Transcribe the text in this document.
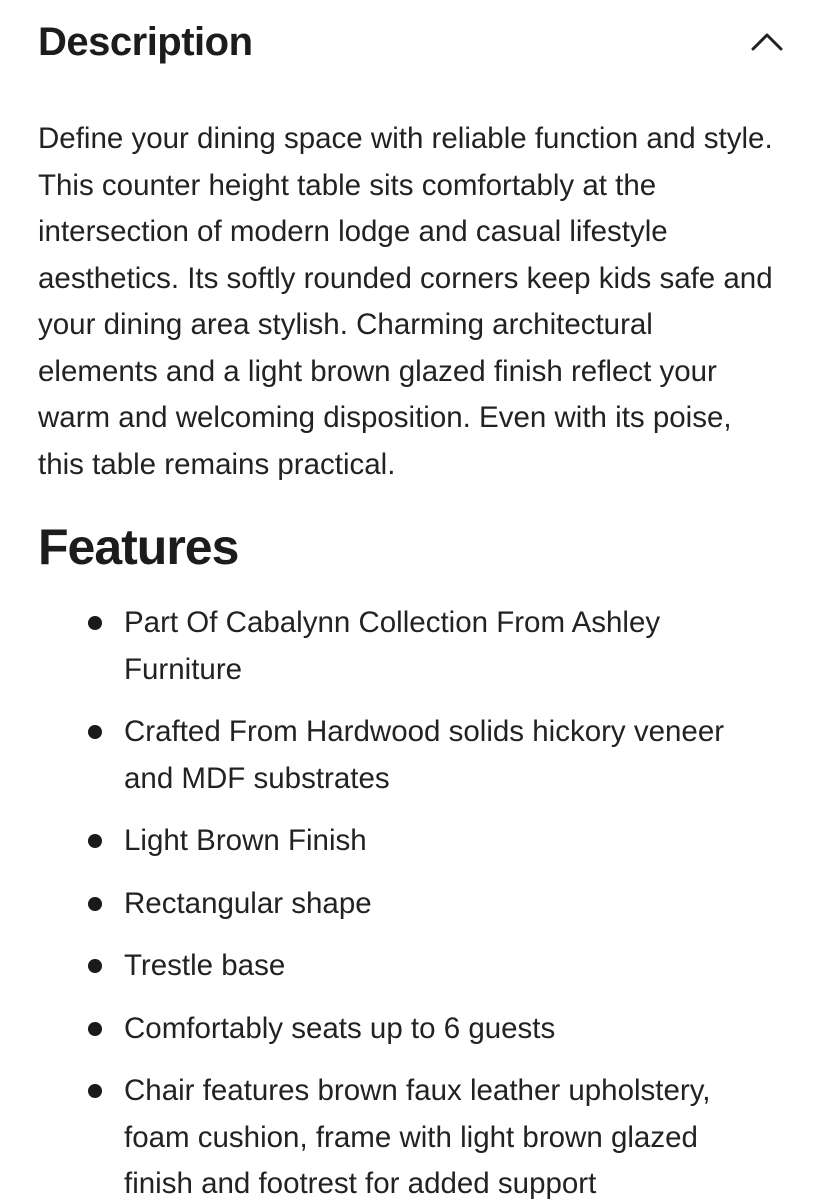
Description

Define your dining space with reliable function and style. This counter height table sits comfortably at the intersection of modern lodge and casual lifestyle aesthetics. Its softly rounded corners keep kids safe and your dining area stylish. Charming architectural elements and a light brown glazed finish reflect your warm and welcoming disposition. Even with its poise, this table remains practical.

Features
Part Of Cabalynn Collection From Ashley Furniture
Crafted From Hardwood solids hickory veneer and MDF substrates
Light Brown Finish
Rectangular shape
Trestle base
Comfortably seats up to 6 guests
Chair features brown faux leather upholstery, foam cushion, frame with light brown glazed finish and footrest for added support
